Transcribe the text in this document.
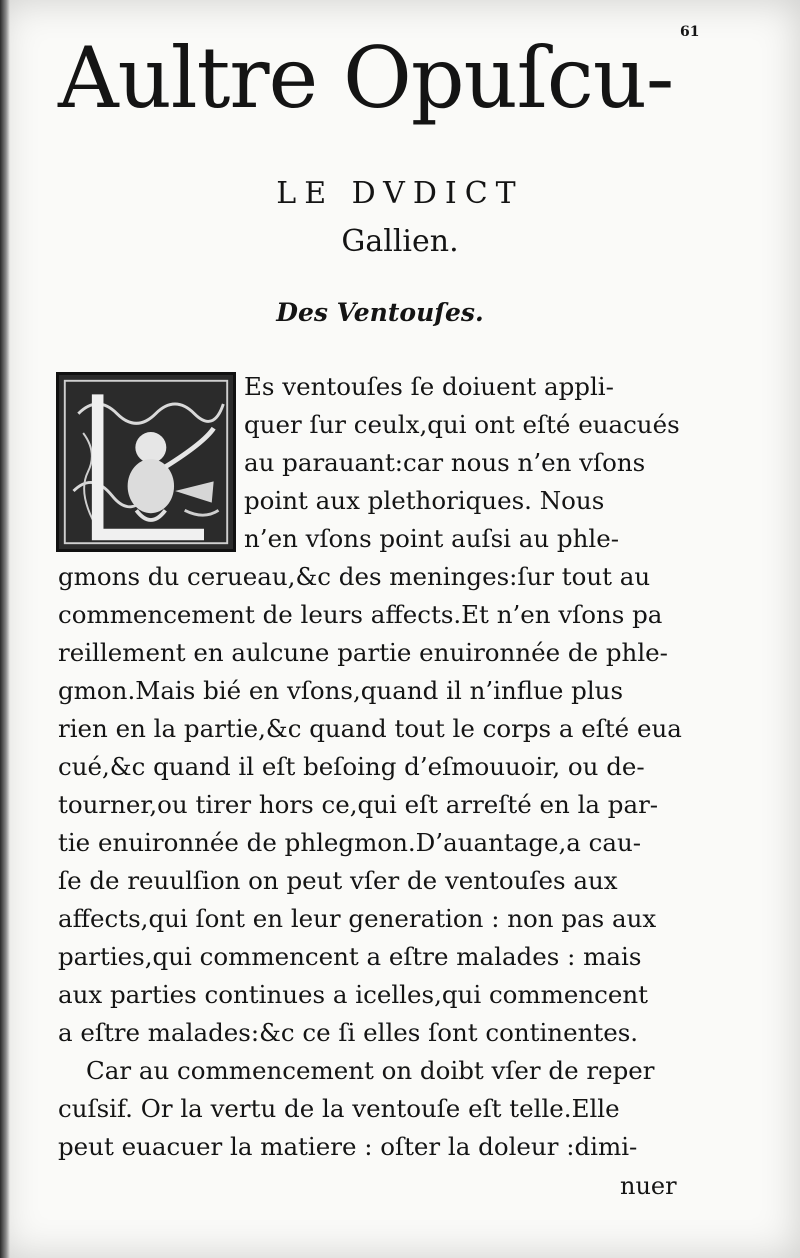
61
Aultre Opuſcu-
LE DVDICT
Gallien.
Des Ventouſes.
Es ventouſes ſe doiuent appli-
quer ſur ceulx,qui ont eſté euacués
au parauant:car nous n’en vſons
point aux plethoriques. Nous
n’en vſons point auſsi au phle-
gmons du cerueau,&c des meninges:ſur tout au
commencement de leurs affects.Et n’en vſons pa
reillement en aulcune partie enuironnée de phle-
gmon.Mais bié en vſons,quand il n’influe plus
rien en la partie,&c quand tout le corps a eſté eua
cué,&c quand il eſt beſoing d’eſmouuoir, ou de-
tourner,ou tirer hors ce,qui eſt arreſté en la par-
tie enuironnée de phlegmon.D’auantage,a cau-
ſe de reuulſion on peut vſer de ventouſes aux
affects,qui ſont en leur generation : non pas aux
parties,qui commencent a eſtre malades : mais
aux parties continues a icelles,qui commencent
a eſtre malades:&c ce ſi elles ſont continentes.
Car au commencement on doibt vſer de reper
cuſsif. Or la vertu de la ventouſe eſt telle.Elle
peut euacuer la matiere : oſter la doleur :dimi-
nuer
